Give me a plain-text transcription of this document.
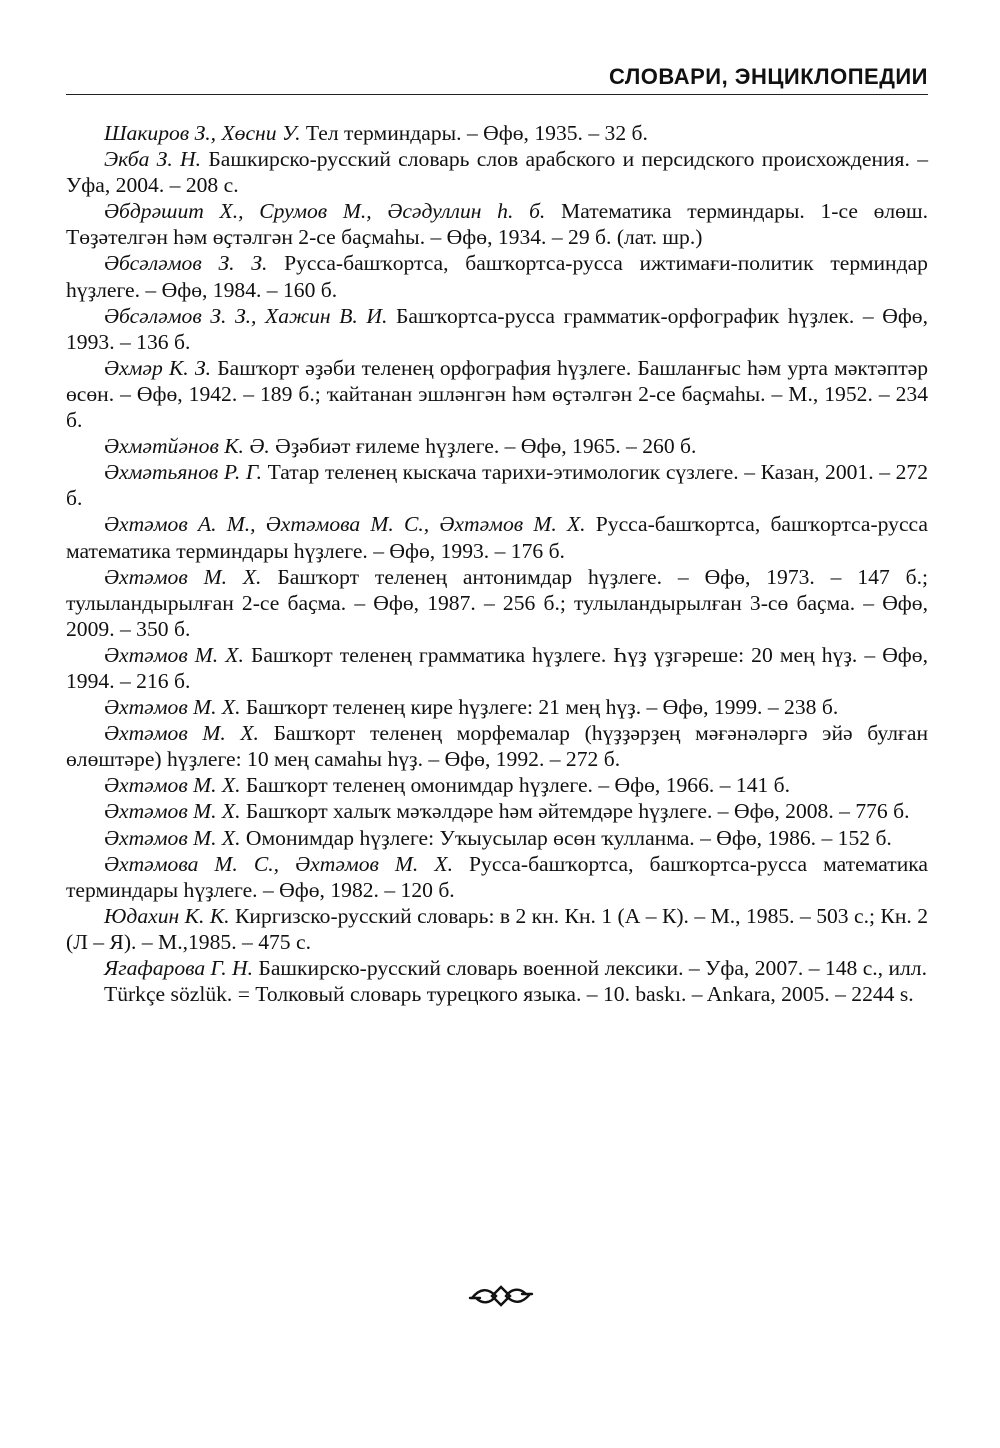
СЛОВАРИ, ЭНЦИКЛОПЕДИИ

Шакиров З., Хөсни У. Тел терминдары. – Өфө, 1935. – 32 б.

Экба З. Н. Башкирско-русский словарь слов арабского и персидского происхождения. – Уфа, 2004. – 208 с.

Әбдрәшит Х., Срумов М., Әсәдуллин һ. б. Математика терминдары. 1-се өлөш. Төҙәтелгән һәм өҫтәлгән 2-се баҫмаһы. – Өфө, 1934. – 29 б. (лат. шр.)

Әбсәләмов З. З. Русса-башҡортса, башҡортса-русса ижтимағи-политик терминдар һүҙлеге. – Өфө, 1984. – 160 б.

Әбсәләмов З. З., Хажин В. И. Башҡортса-русса грамматик-орфографик һүҙлек. – Өфө, 1993. – 136 б.

Әхмәр К. З. Башҡорт әҙәби теленең орфография һүҙлеге. Башланғыс һәм урта мәктәптәр өсөн. – Өфө, 1942. – 189 б.; ҡайтанан эшләнгән һәм өҫтәлгән 2-се баҫмаһы. – М., 1952. – 234 б.

Әхмәтйәнов К. Ә. Әҙәбиәт ғилеме һүҙлеге. – Өфө, 1965. – 260 б.

Әхмәтьянов Р. Г. Татар теленең кыскача тарихи-этимологик сүзлеге. – Казан, 2001. – 272 б.

Әхтәмов А. М., Әхтәмова М. С., Әхтәмов М. Х. Русса-башҡортса, башҡортса-русса математика терминдары һүҙлеге. – Өфө, 1993. – 176 б.

Әхтәмов М. Х. Башҡорт теленең антонимдар һүҙлеге. – Өфө, 1973. – 147 б.; тулыландырылған 2-се баҫма. – Өфө, 1987. – 256 б.; тулыландырылған 3-сө баҫма. – Өфө, 2009. – 350 б.

Әхтәмов М. Х. Башҡорт теленең грамматика һүҙлеге. Һүҙ үҙгәреше: 20 мең һүҙ. – Өфө, 1994. – 216 б.

Әхтәмов М. Х. Башҡорт теленең кире һүҙлеге: 21 мең һүҙ. – Өфө, 1999. – 238 б.

Әхтәмов М. Х. Башҡорт теленең морфемалар (һүҙҙәрҙең мәғәнәләргә эйә булған өлөштәре) һүҙлеге: 10 мең самаһы һүҙ. – Өфө, 1992. – 272 б.

Әхтәмов М. Х. Башҡорт теленең омонимдар һүҙлеге. – Өфө, 1966. – 141 б.

Әхтәмов М. Х. Башҡорт халыҡ мәҡәлдәре һәм әйтемдәре һүҙлеге. – Өфө, 2008. – 776 б.

Әхтәмов М. Х. Омонимдар һүҙлеге: Уҡыусылар өсөн ҡулланма. – Өфө, 1986. – 152 б.

Әхтәмова М. С., Әхтәмов М. Х. Русса-башҡортса, башҡортса-русса математика терминдары һүҙлеге. – Өфө, 1982. – 120 б.

Юдахин К. К. Киргизско-русский словарь: в 2 кн. Кн. 1 (А – К). – М., 1985. – 503 с.; Кн. 2 (Л – Я). – М.,1985. – 475 с.

Ягафарова Г. Н. Башкирско-русский словарь военной лексики. – Уфа, 2007. – 148 с., илл.

Türkçe sözlük. = Толковый словарь турецкого языка. – 10. baskı. – Ankara, 2005. – 2244 s.
